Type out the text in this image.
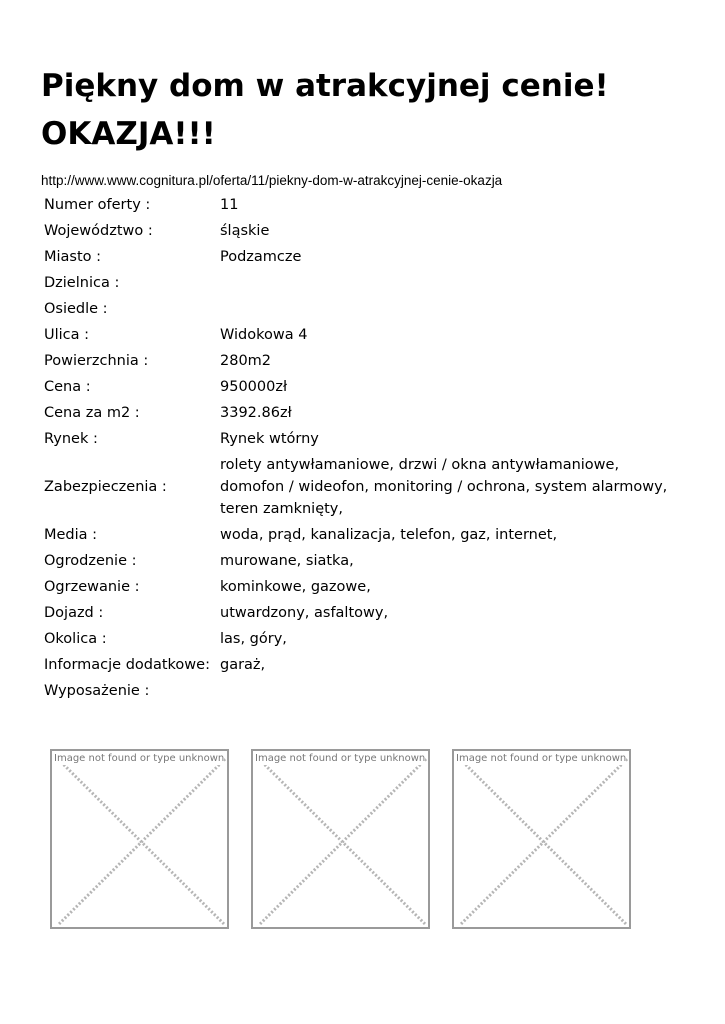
Piękny dom w atrakcyjnej cenie! OKAZJA!!!
http://www.www.cognitura.pl/oferta/11/piekny-dom-w-atrakcyjnej-cenie-okazja
Numer oferty :	11
Województwo :	śląskie
Miasto :	Podzamcze
Dzielnica :	
Osiedle :	
Ulica :	Widokowa 4
Powierzchnia :	280m2
Cena :	950000zł
Cena za m2 :	3392.86zł
Rynek :	Rynek wtórny
Zabezpieczenia :	rolety antywłamaniowe, drzwi / okna antywłamaniowe, domofon / wideofon, monitoring / ochrona, system alarmowy, teren zamknięty,
Media :	woda, prąd, kanalizacja, telefon, gaz, internet,
Ogrodzenie :	murowane, siatka,
Ogrzewanie :	kominkowe, gazowe,
Dojazd :	utwardzony, asfaltowy,
Okolica :	las, góry,
Informacje dodatkowe:	garaż,
Wyposażenie :	
Image not found or type unknown	Image not found or type unknown	Image not found or type unknown
